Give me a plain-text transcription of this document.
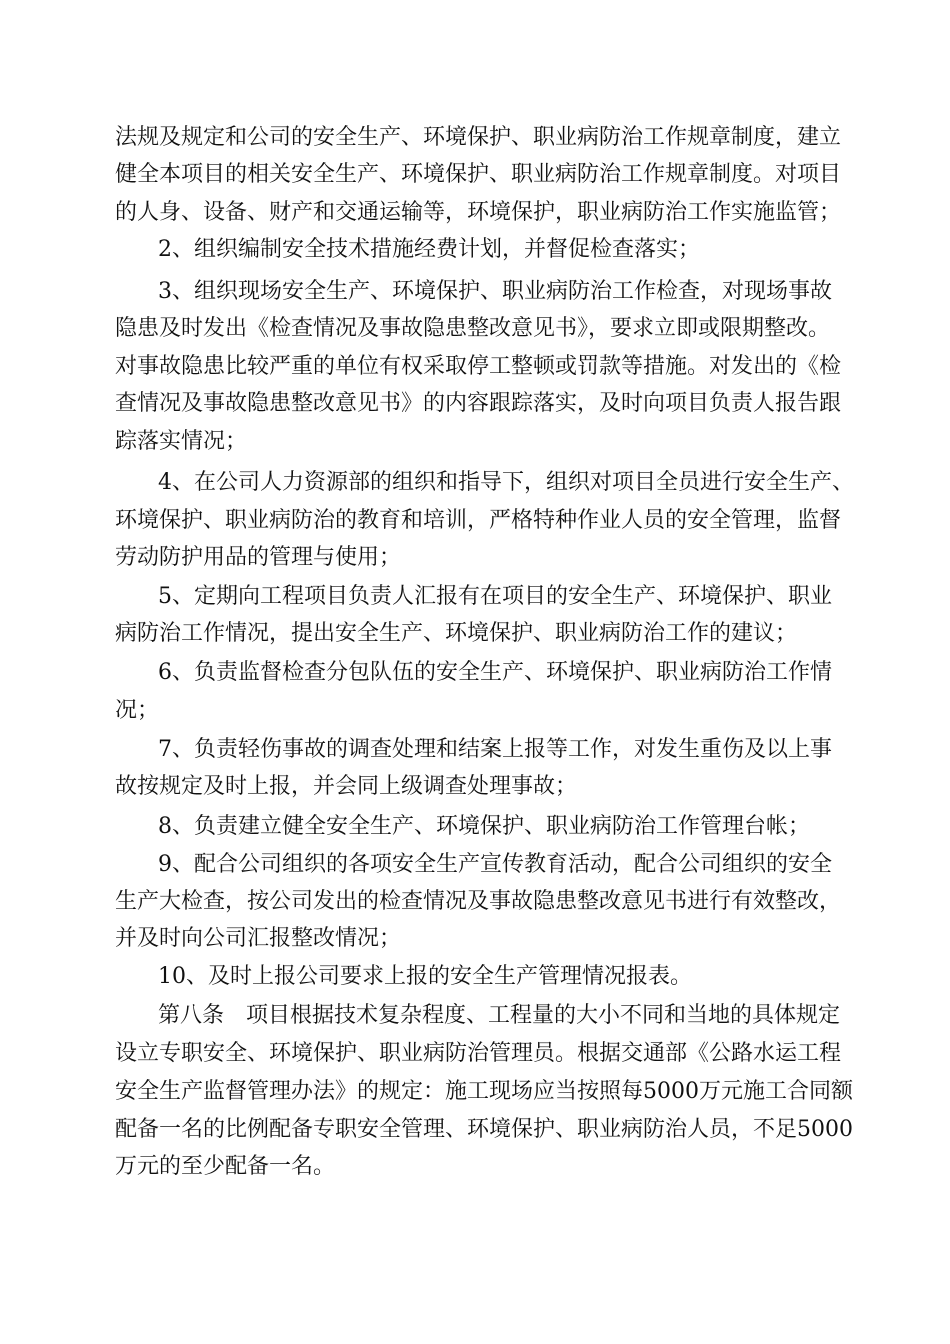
法规及规定和公司的安全生产、环境保护、职业病防治工作规章制度，建立
健全本项目的相关安全生产、环境保护、职业病防治工作规章制度。对项目
的人身、设备、财产和交通运输等，环境保护，职业病防治工作实施监管；
2、组织编制安全技术措施经费计划，并督促检查落实；
3、组织现场安全生产、环境保护、职业病防治工作检查，对现场事故
隐患及时发出《检查情况及事故隐患整改意见书》，要求立即或限期整改。
对事故隐患比较严重的单位有权采取停工整顿或罚款等措施。对发出的《检
查情况及事故隐患整改意见书》的内容跟踪落实，及时向项目负责人报告跟
踪落实情况；
4、在公司人力资源部的组织和指导下，组织对项目全员进行安全生产、
环境保护、职业病防治的教育和培训，严格特种作业人员的安全管理，监督
劳动防护用品的管理与使用；
5、定期向工程项目负责人汇报有在项目的安全生产、环境保护、职业
病防治工作情况，提出安全生产、环境保护、职业病防治工作的建议；
6、负责监督检查分包队伍的安全生产、环境保护、职业病防治工作情
况；
7、负责轻伤事故的调查处理和结案上报等工作，对发生重伤及以上事
故按规定及时上报，并会同上级调查处理事故；
8、负责建立健全安全生产、环境保护、职业病防治工作管理台帐；
9、配合公司组织的各项安全生产宣传教育活动，配合公司组织的安全
生产大检查，按公司发出的检查情况及事故隐患整改意见书进行有效整改，
并及时向公司汇报整改情况；
10、及时上报公司要求上报的安全生产管理情况报表。
第八条　项目根据技术复杂程度、工程量的大小不同和当地的具体规定
设立专职安全、环境保护、职业病防治管理员。根据交通部《公路水运工程
安全生产监督管理办法》的规定：施工现场应当按照每5000万元施工合同额
配备一名的比例配备专职安全管理、环境保护、职业病防治人员，不足5000
万元的至少配备一名。
